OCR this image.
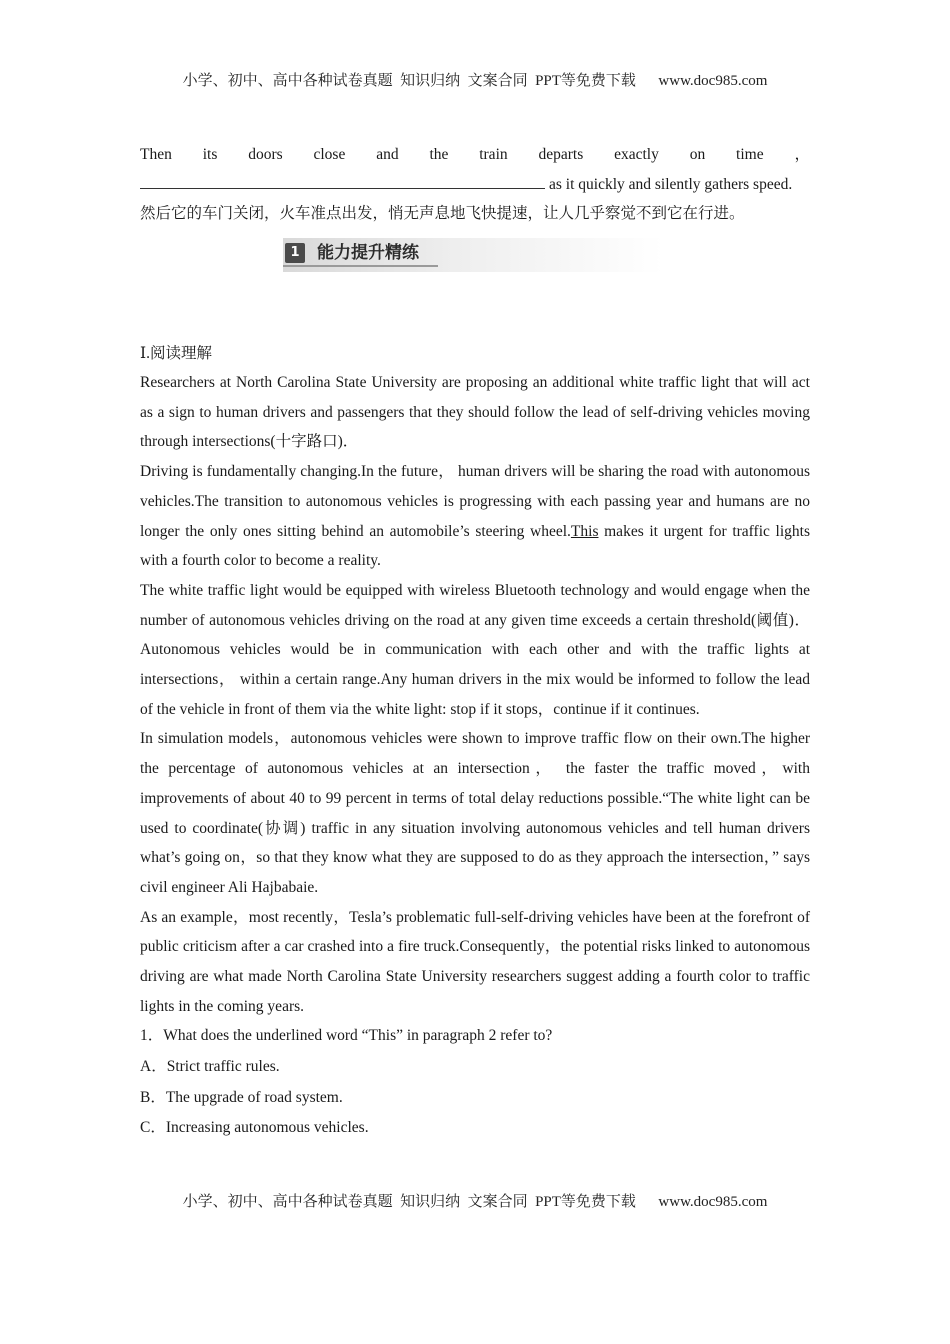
小学、初中、高中各种试卷真题  知识归纳  文案合同  PPT等免费下载      www.doc985.com
Then its doors close and the train departs exactly on time ，
as it quickly and silently gathers speed.

然后它的车门关闭，火车准点出发，悄无声息地飞快提速，让人几乎察觉不到它在行进。

1	能力提升精练
Ⅰ.阅读理解

Researchers at North Carolina State University are proposing an additional white traffic light that will act as a sign to human drivers and passengers that they should follow the lead of self-driving vehicles moving through intersections(十字路口)．

Driving is fundamentally changing.In the future， human drivers will be sharing the road with autonomous vehicles.The transition to autonomous vehicles is progressing with each passing year and humans are no longer the only ones sitting behind an automobile’s steering wheel.This makes it urgent for traffic lights with a fourth color to become a reality.

The white traffic light would be equipped with wireless Bluetooth technology and would engage when the number of autonomous vehicles driving on the road at any given time exceeds a certain threshold(阈值)． Autonomous vehicles would be in communication with each other and with the traffic lights at intersections， within a certain range.Any human drivers in the mix would be informed to follow the lead of the vehicle in front of them via the white light: stop if it stops，continue if it continues.

In simulation models，autonomous vehicles were shown to improve traffic flow on their own.The higher the percentage of autonomous vehicles at an intersection， the faster the traffic moved，with improvements of about 40 to 99 percent in terms of total delay reductions possible.“The white light can be used to coordinate(协调) traffic in any situation involving autonomous vehicles and tell human drivers what’s going on，so that they know what they are supposed to do as they approach the intersection，” says civil engineer Ali Hajbabaie.

As an example，most recently，Tesla’s problematic full-self-driving vehicles have been at the forefront of public criticism after a car crashed into a fire truck.Consequently，the potential risks linked to autonomous driving are what made North Carolina State University researchers suggest adding a fourth color to traffic lights in the coming years.

1．What does the underlined word “This” in paragraph 2 refer to?

A．Strict traffic rules.

B．The upgrade of road system.

C．Increasing autonomous vehicles.

小学、初中、高中各种试卷真题  知识归纳  文案合同  PPT等免费下载      www.doc985.com
